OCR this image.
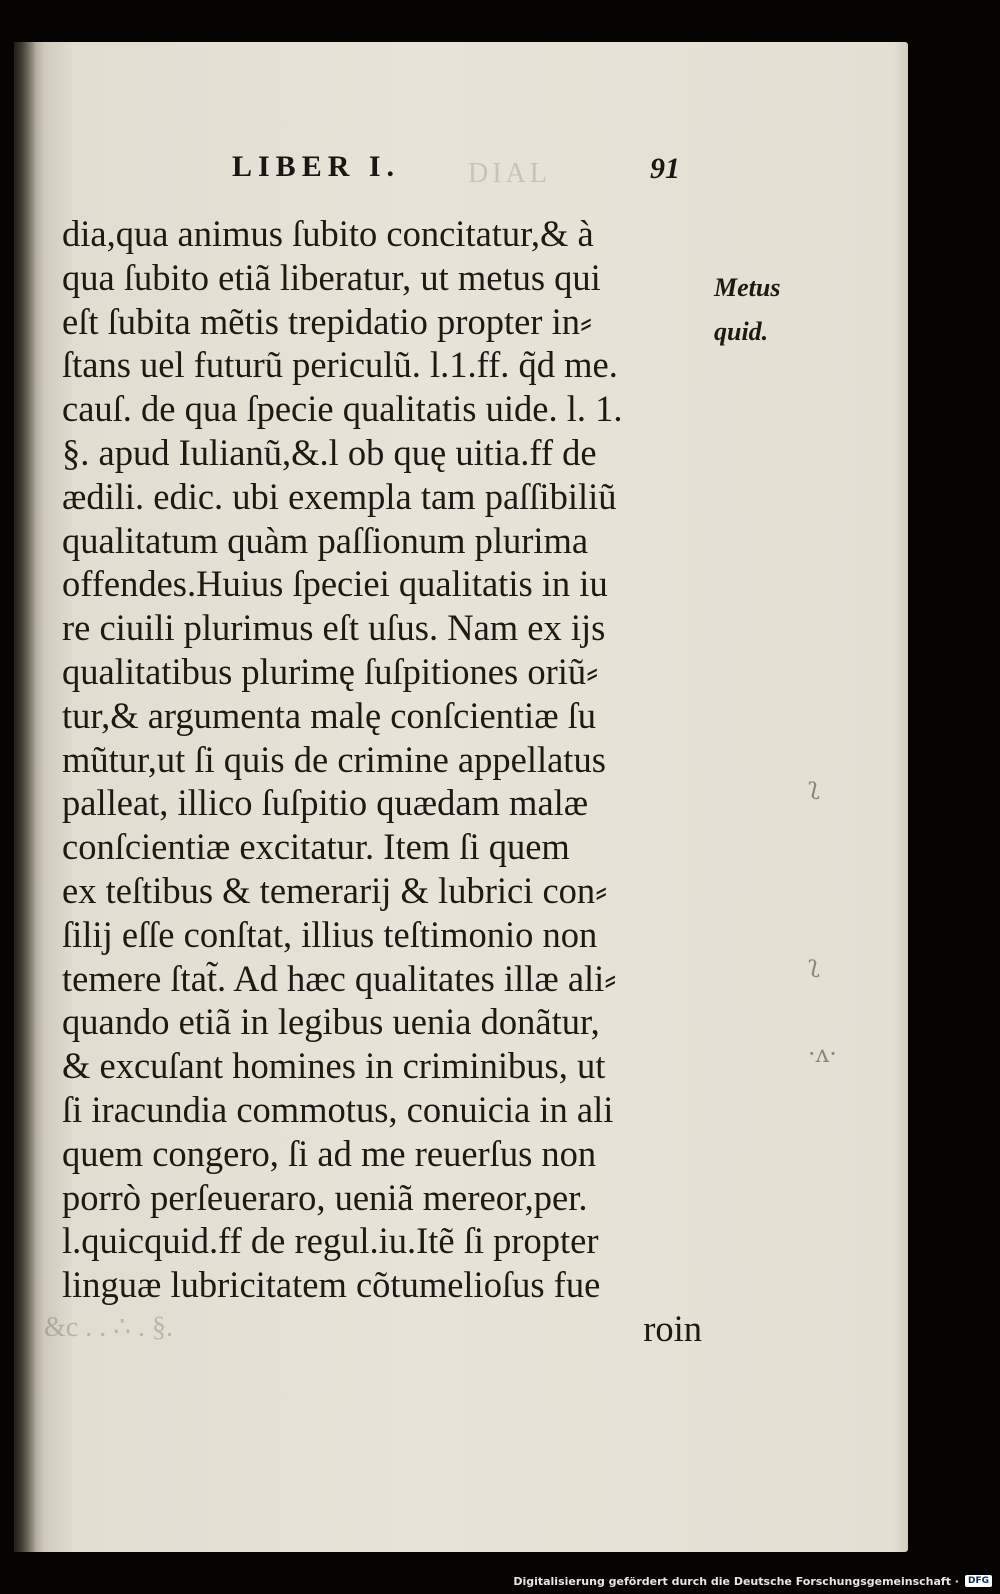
DIAL
&c . . ∴ . §.
ʅ
ʅ
·ʌ·
LIBER I.	91
dia,qua animus ſubito concitatur,& à
qua ſubito etiã liberatur, ut metus qui
eſt ſubita mẽtis trepidatio propter in⸗
ſtans uel futurũ periculũ. l.1.ff. q̃d me.
cauſ. de qua ſpecie qualitatis uide. l. 1.
§. apud Iulianũ,&.l ob quę uitia.ff de
ædili. edic. ubi exempla tam paſſibiliũ
qualitatum quàm paſſionum plurima
offendes.Huius ſpeciei qualitatis in iu
re ciuili plurimus eſt uſus. Nam ex ijs
qualitatibus plurimę ſuſpitiones oriũ⸗
tur,& argumenta malę conſcientiæ ſu
mũtur,ut ſi quis de crimine appellatus
palleat, illico ſuſpitio quædam malæ
conſcientiæ excitatur. Item ſi quem
ex teſtibus & temerarij & lubrici con⸗
ſilij eſſe conſtat, illius teſtimonio non
temere ſtat̃. Ad hæc qualitates illæ ali⸗
quando etiã in legibus uenia donãtur,
& excuſant homines in criminibus, ut
ſi iracundia commotus, conuicia in ali
quem congero, ſi ad me reuerſus non
porrò perſeueraro, ueniã mereor,per.
l.quicquid.ff de regul.iu.Itẽ ſi propter
linguæ lubricitatem cõtumelioſus fue
roin
Metus
quid.
Digitalisierung gefördert durch die Deutsche Forschungsgemeinschaft ·	DFG
